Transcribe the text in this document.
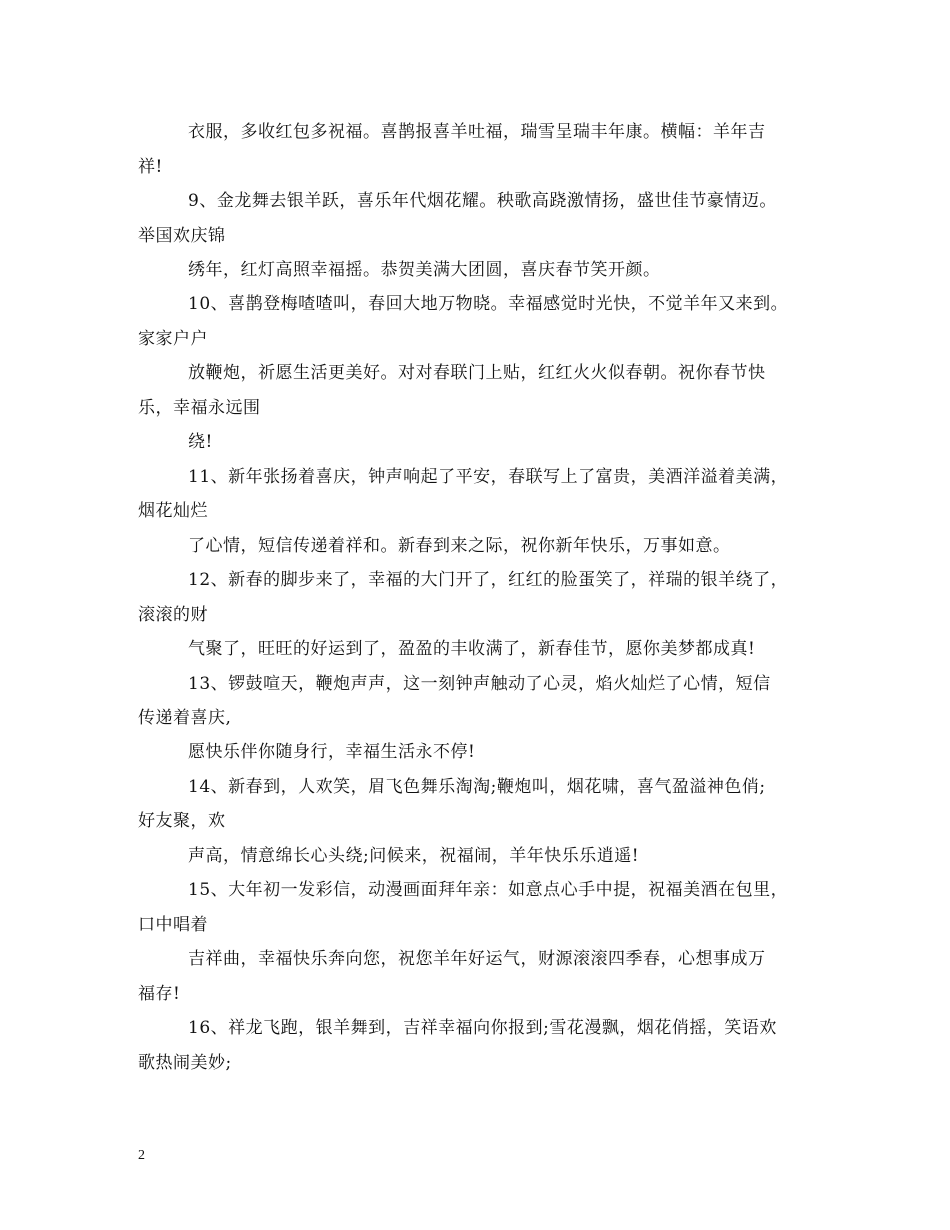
衣服，多收红包多祝福。喜鹊报喜羊吐福，瑞雪呈瑞丰年康。横幅：羊年吉
祥!
9、金龙舞去银羊跃，喜乐年代烟花耀。秧歌高跷激情扬，盛世佳节豪情迈。
举国欢庆锦
绣年，红灯高照幸福摇。恭贺美满大团圆，喜庆春节笑开颜。
10、喜鹊登梅喳喳叫，春回大地万物晓。幸福感觉时光快，不觉羊年又来到。
家家户户
放鞭炮，祈愿生活更美好。对对春联门上贴，红红火火似春朝。祝你春节快
乐，幸福永远围
绕!
11、新年张扬着喜庆，钟声响起了平安，春联写上了富贵，美酒洋溢着美满，
烟花灿烂
了心情，短信传递着祥和。新春到来之际，祝你新年快乐，万事如意。
12、新春的脚步来了，幸福的大门开了，红红的脸蛋笑了，祥瑞的银羊绕了，
滚滚的财
气聚了，旺旺的好运到了，盈盈的丰收满了，新春佳节，愿你美梦都成真!
13、锣鼓喧天，鞭炮声声，这一刻钟声触动了心灵，焰火灿烂了心情，短信
传递着喜庆,
愿快乐伴你随身行，幸福生活永不停!
14、新春到，人欢笑，眉飞色舞乐淘淘;鞭炮叫，烟花啸，喜气盈溢神色俏;
好友聚，欢
声高，情意绵长心头绕;问候来，祝福闹，羊年快乐乐逍遥!
15、大年初一发彩信，动漫画面拜年亲：如意点心手中提，祝福美酒在包里，
口中唱着
吉祥曲，幸福快乐奔向您，祝您羊年好运气，财源滚滚四季春，心想事成万
福存!
16、祥龙飞跑，银羊舞到，吉祥幸福向你报到;雪花漫飘，烟花俏摇，笑语欢
歌热闹美妙;
2
